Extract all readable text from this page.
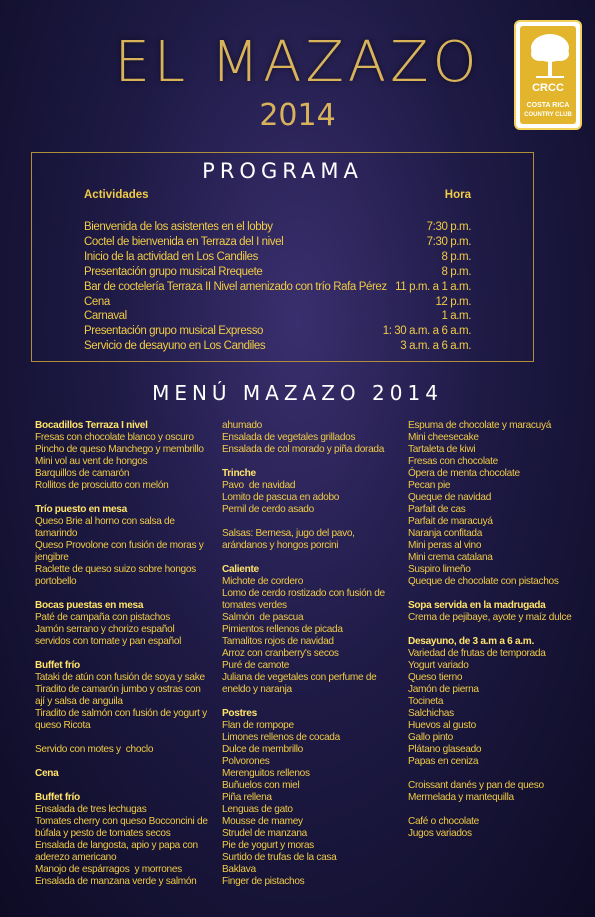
EL MAZAZO
2014
CRCC
COSTA RICA
COUNTRY CLUB
PROGRAMA
Actividades	Hora
Bienvenida de los asistentes en el lobby	7:30 p.m.
Coctel de bienvenida en Terraza del I nivel	7:30 p.m.
Inicio de la actividad en Los Candiles	8 p.m.
Presentación grupo musical Rrequete	8 p.m.
Bar de coctelería Terraza II Nivel amenizado con trío Rafa Pérez 11 p.m. a 1 a.m.
Cena	12 p.m.
Carnaval	1 a.m.
Presentación grupo musical Expresso	1: 30 a.m. a 6 a.m.
Servicio de desayuno en Los Candiles	3 a.m. a 6 a.m.
MENÚ MAZAZO 2014
Bocadillos Terraza I nivel
Fresas con chocolate blanco y oscuro
Pincho de queso Manchego y membrillo
Mini vol au vent de hongos
Barquillos de camarón
Rollitos de prosciutto con melón
Trío puesto en mesa
Queso Brie al horno con salsa de
tamarindo
Queso Provolone con fusión de moras y
jengibre
Raclette de queso suizo sobre hongos
portobello
Bocas puestas en mesa
Paté de campaña con pistachos
Jamón serrano y chorizo español
servidos con tomate y pan español
Buffet frío
Tataki de atún con fusión de soya y sake
Tiradito de camarón jumbo y ostras con
ají y salsa de anguila
Tiradito de salmón con fusión de yogurt y
queso Ricota
Servido con motes y  choclo
Cena
Buffet frío
Ensalada de tres lechugas
Tomates cherry con queso Bocconcini de
búfala y pesto de tomates secos
Ensalada de langosta, apio y papa con
aderezo americano
Manojo de espárragos  y morrones
Ensalada de manzana verde y salmón
ahumado
Ensalada de vegetales grillados
Ensalada de col morado y piña dorada
Trinche
Pavo  de navidad
Lomito de pascua en adobo
Pernil de cerdo asado
Salsas: Bernesa, jugo del pavo,
arándanos y hongos porcini
Caliente
Michote de cordero
Lomo de cerdo rostizado con fusión de
tomates verdes
Salmón  de pascua
Pimientos rellenos de picada
Tamalitos rojos de navidad
Arroz con cranberry's secos
Puré de camote
Juliana de vegetales con perfume de
eneldo y naranja
Postres
Flan de rompope
Limones rellenos de cocada
Dulce de membrillo
Polvorones
Merenguitos rellenos
Buñuelos con miel
Piña rellena
Lenguas de gato
Mousse de mamey
Strudel de manzana
Pie de yogurt y moras
Surtido de trufas de la casa
Baklava
Finger de pistachos
Espuma de chocolate y maracuyá
Mini cheesecake
Tartaleta de kiwi
Fresas con chocolate
Ópera de menta chocolate
Pecan pie
Queque de navidad
Parfait de cas
Parfait de maracuyá
Naranja confitada
Mini peras al vino
Mini crema catalana
Suspiro limeño
Queque de chocolate con pistachos
Sopa servida en la madrugada
Crema de pejibaye, ayote y maíz dulce
Desayuno, de 3 a.m a 6 a.m.
Variedad de frutas de temporada
Yogurt variado
Queso tierno
Jamón de pierna
Tocineta
Salchichas
Huevos al gusto
Gallo pinto
Plátano glaseado
Papas en ceniza
Croissant danés y pan de queso
Mermelada y mantequilla
Café o chocolate
Jugos variados
